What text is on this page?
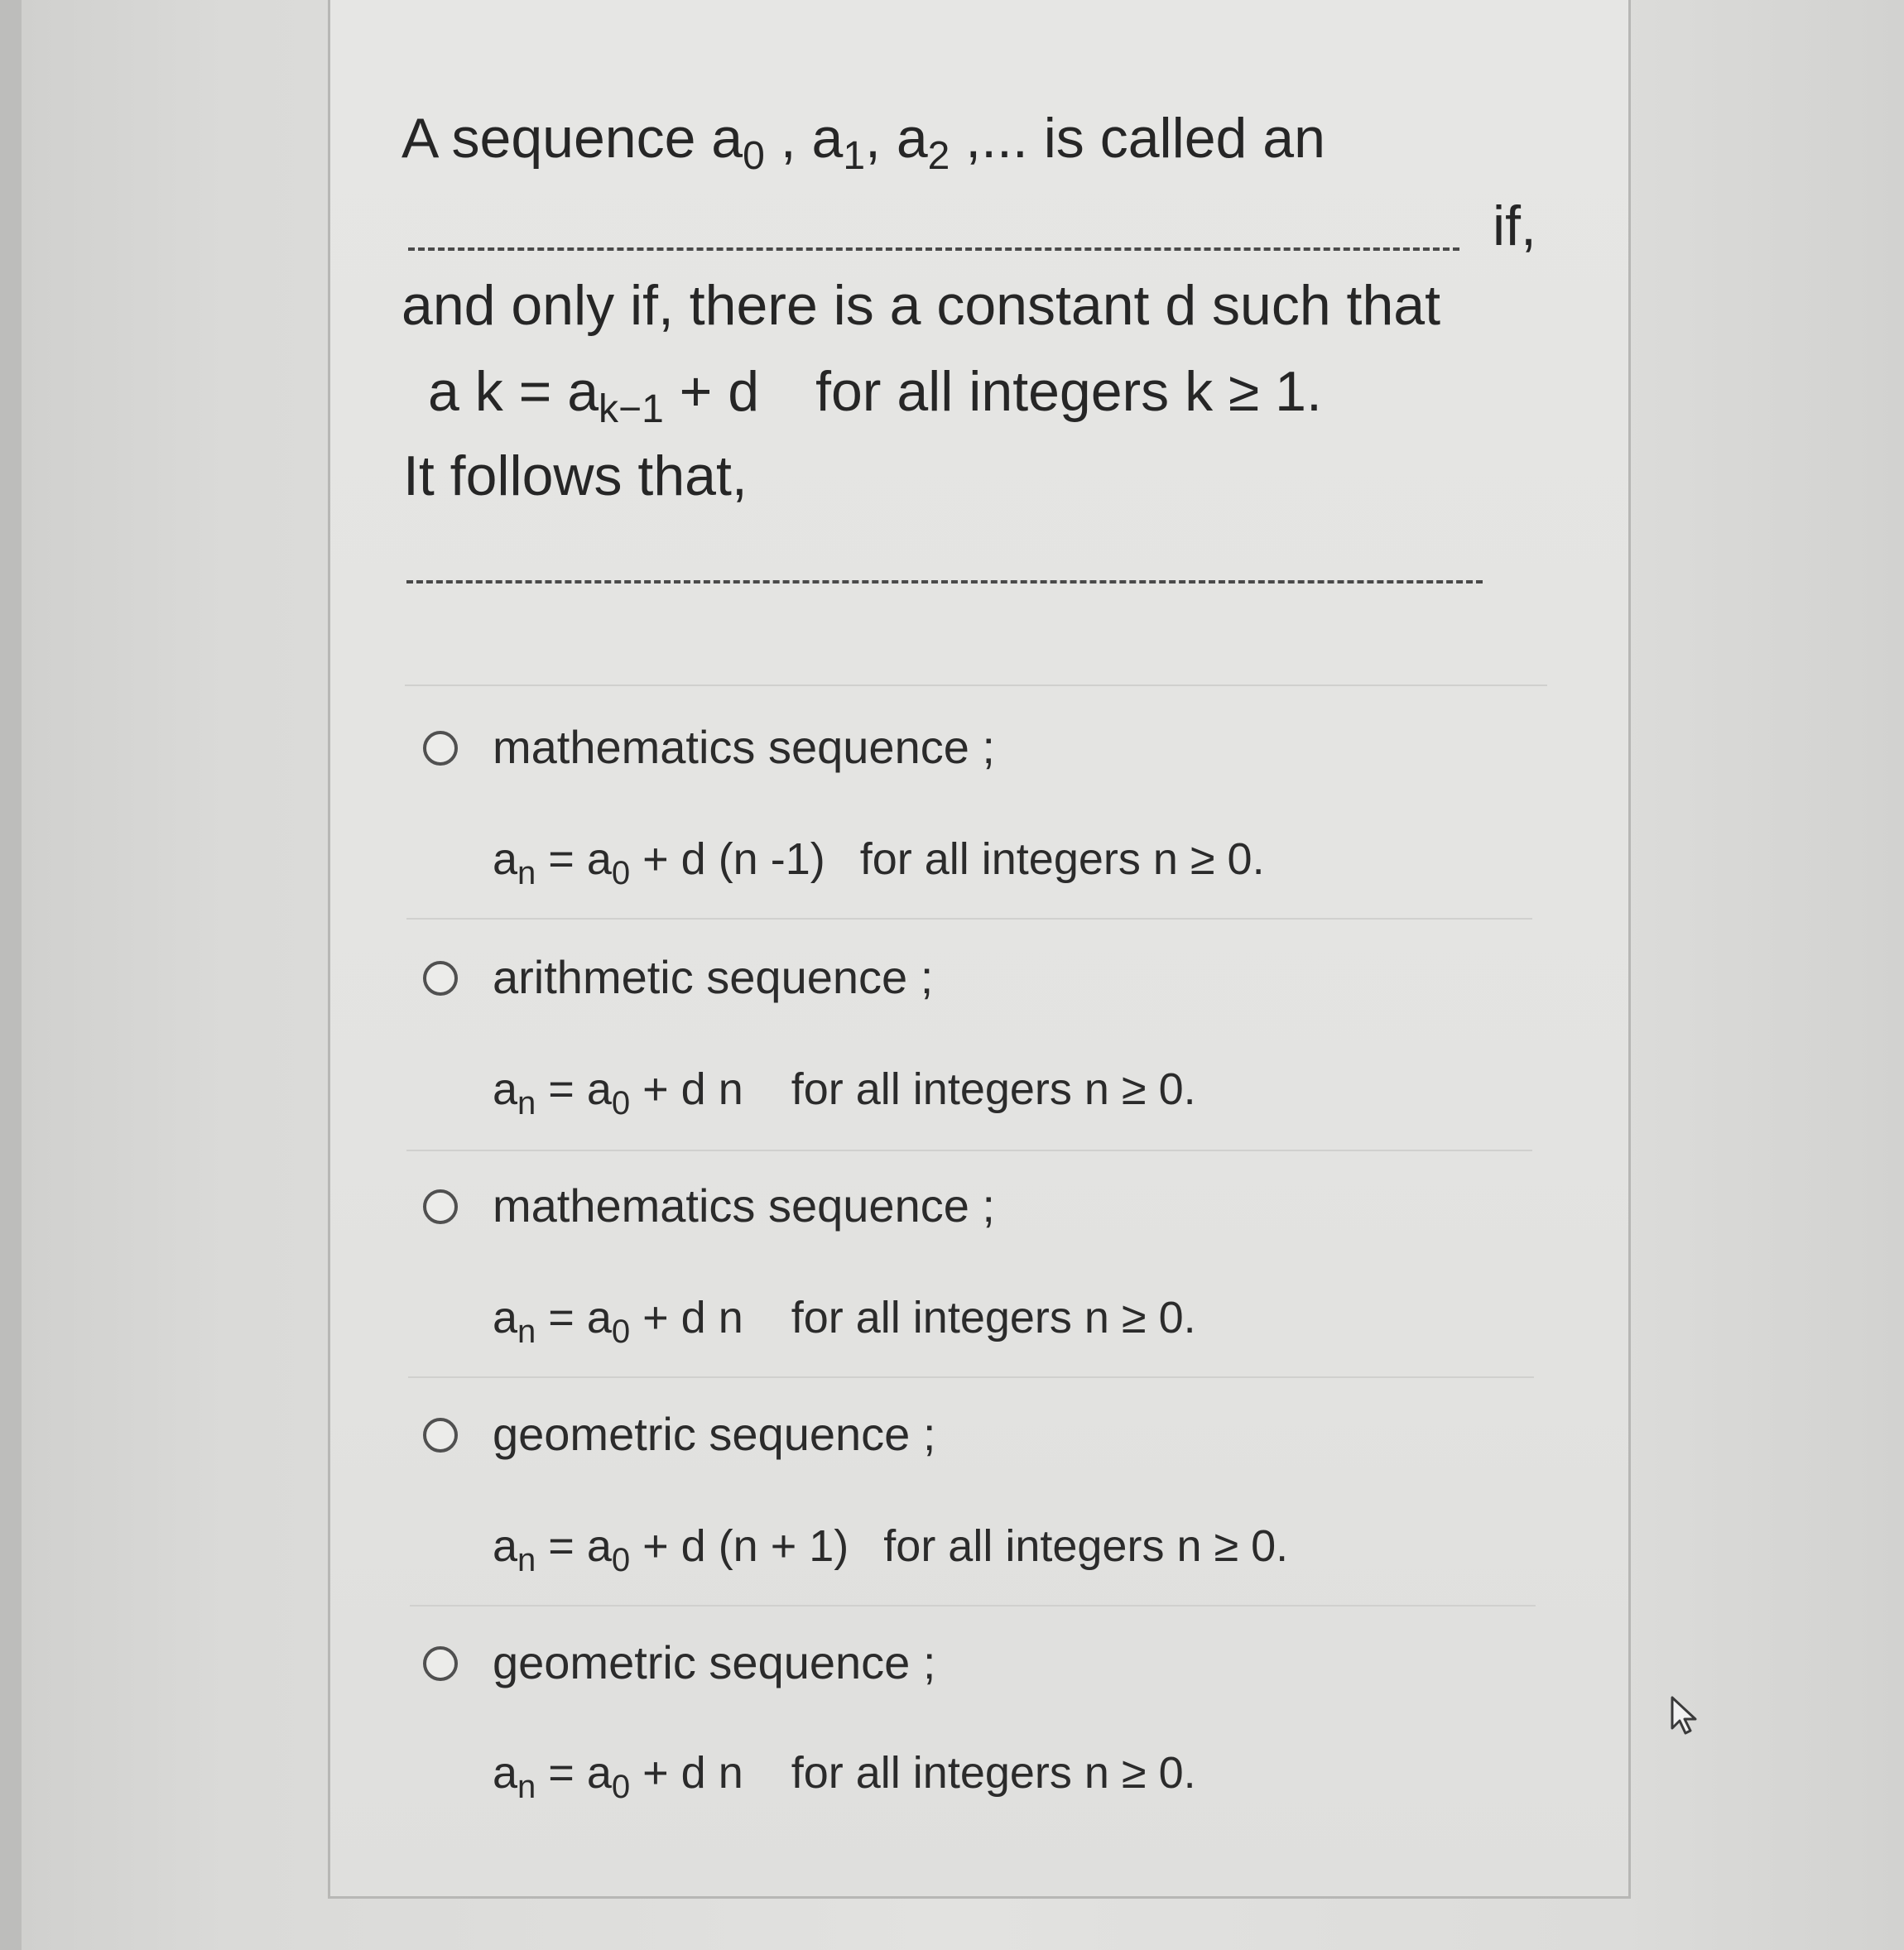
A sequence $a_0$ , $a_1$, $a_2$ ,... is called an
if,
and only if, there is a constant d such that
a $k = a_{k-1} + d$ for all integers k ≥ 1.
It follows that,
mathematics sequence ;
$a_n = a_0 + d$ (n -1) for all integers n ≥ 0.
arithmetic sequence ;
$a_n = a_0 + d$ n for all integers n ≥ 0.
mathematics sequence ;
$a_n = a_0 + d$ n for all integers n ≥ 0.
geometric sequence ;
$a_n = a_0 + d$ (n + 1) for all integers n ≥ 0.
geometric sequence ;
$a_n = a_0 + d$ n for all integers n ≥ 0.
